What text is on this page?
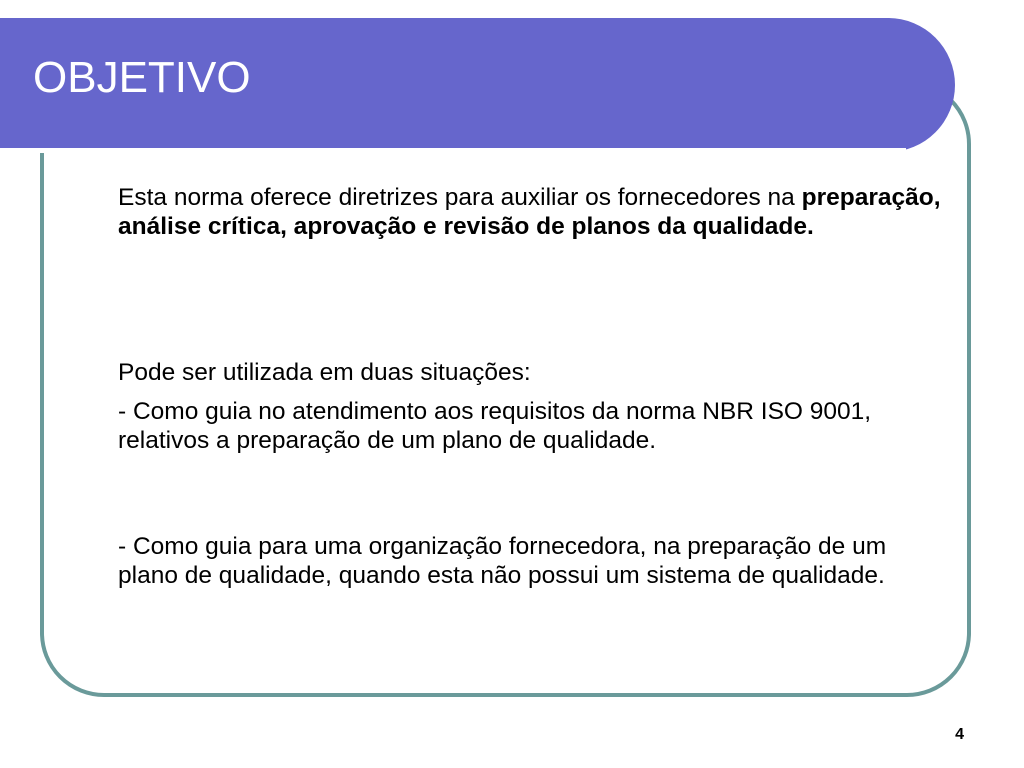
OBJETIVO

Esta norma oferece diretrizes para auxiliar os fornecedores na preparação, análise crítica, aprovação e revisão de planos da qualidade.

Pode ser utilizada em duas situações:

- Como guia no atendimento aos requisitos da norma NBR ISO 9001, relativos a preparação de um plano de qualidade.

- Como guia para uma organização fornecedora, na preparação de um plano de qualidade, quando esta não possui um sistema de qualidade.

4
